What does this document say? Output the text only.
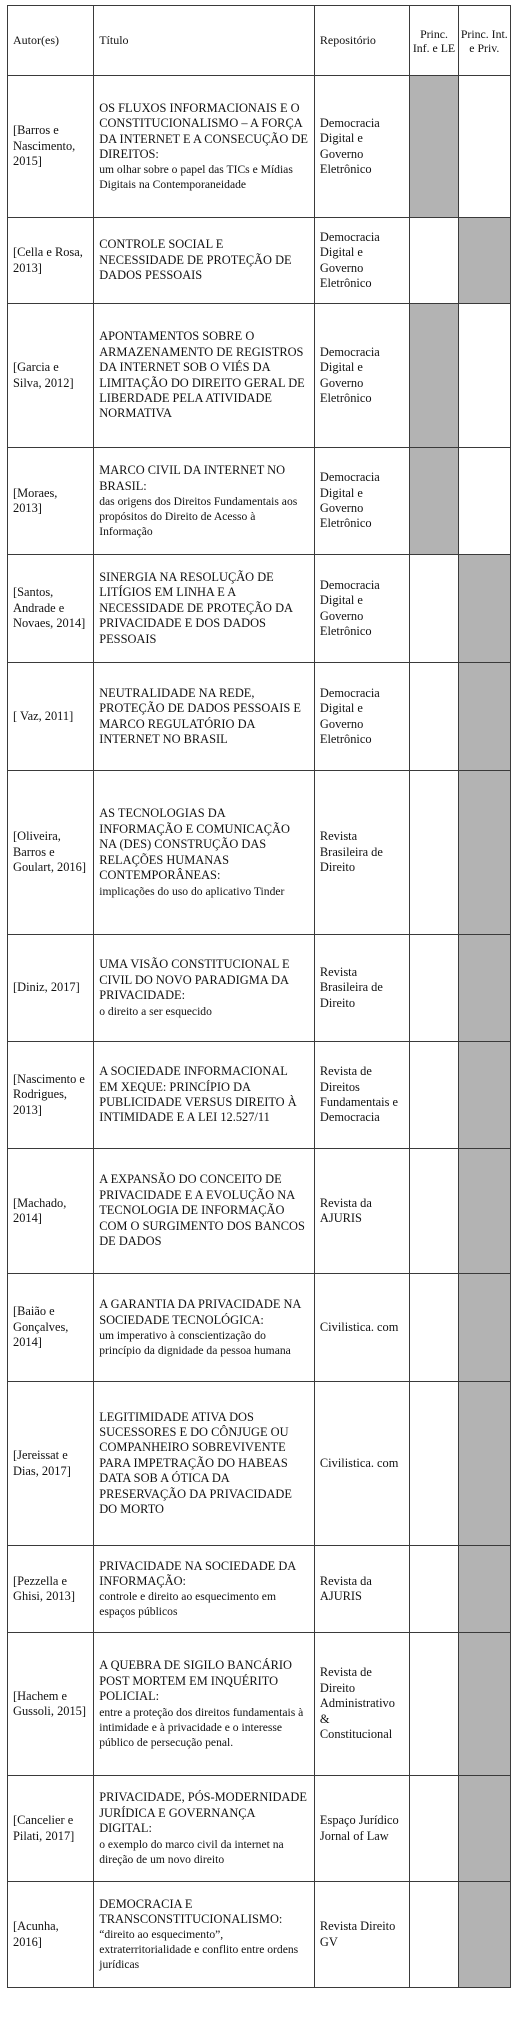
Autor(es)	Título	Repositório	Princ. Inf. e LE	Princ. Int. e Priv.
[Barros e Nascimento, 2015]	OS FLUXOS INFORMACIONAIS E O CONSTITUCIONALISMO – A FORÇA DA INTERNET E A CONSECUÇÃO DE DIREITOS:
um olhar sobre o papel das TICs e Mídias Digitais na Contemporaneidade	Democracia Digital e Governo Eletrônico		
[Cella e Rosa, 2013]	CONTROLE SOCIAL E NECESSIDADE DE PROTEÇÃO DE DADOS PESSOAIS	Democracia Digital e Governo Eletrônico		
[Garcia e Silva, 2012]	APONTAMENTOS SOBRE O ARMAZENAMENTO DE REGISTROS DA INTERNET SOB O VIÉS DA LIMITAÇÃO DO DIREITO GERAL DE LIBERDADE PELA ATIVIDADE NORMATIVA	Democracia Digital e Governo Eletrônico		
[Moraes, 2013]	MARCO CIVIL DA INTERNET NO BRASIL:
das origens dos Direitos Fundamentais aos propósitos do Direito de Acesso à Informação	Democracia Digital e Governo Eletrônico		
[Santos, Andrade e Novaes, 2014]	SINERGIA NA RESOLUÇÃO DE LITÍGIOS EM LINHA E A NECESSIDADE DE PROTEÇÃO DA PRIVACIDADE E DOS DADOS PESSOAIS	Democracia Digital e Governo Eletrônico		
[ Vaz, 2011]	NEUTRALIDADE NA REDE, PROTEÇÃO DE DADOS PESSOAIS E MARCO REGULATÓRIO DA INTERNET NO BRASIL	Democracia Digital e Governo Eletrônico		
[Oliveira, Barros e Goulart, 2016]	AS TECNOLOGIAS DA INFORMAÇÃO E COMUNICAÇÃO NA (DES) CONSTRUÇÃO DAS RELAÇÕES HUMANAS CONTEMPORÂNEAS:
implicações do uso do aplicativo Tinder	Revista Brasileira de Direito		
[Diniz, 2017]	UMA VISÃO CONSTITUCIONAL E CIVIL DO NOVO PARADIGMA DA PRIVACIDADE:
o direito a ser esquecido	Revista Brasileira de Direito		
[Nascimento e Rodrigues, 2013]	A SOCIEDADE INFORMACIONAL EM XEQUE: PRINCÍPIO DA PUBLICIDADE VERSUS DIREITO À INTIMIDADE E A LEI 12.527/11	Revista de Direitos Fundamentais e Democracia		
[Machado, 2014]	A EXPANSÃO DO CONCEITO DE PRIVACIDADE E A EVOLUÇÃO NA TECNOLOGIA DE INFORMAÇÃO COM O SURGIMENTO DOS BANCOS DE DADOS	Revista da AJURIS		
[Baião e Gonçalves, 2014]	A GARANTIA DA PRIVACIDADE NA SOCIEDADE TECNOLÓGICA:
um imperativo à conscientização do princípio da dignidade da pessoa humana	Civilistica. com		
[Jereissat e Dias, 2017]	LEGITIMIDADE ATIVA DOS SUCESSORES E DO CÔNJUGE OU COMPANHEIRO SOBREVIVENTE PARA IMPETRAÇÃO DO HABEAS DATA SOB A ÓTICA DA PRESERVAÇÃO DA PRIVACIDADE DO MORTO	Civilistica. com		
[Pezzella e Ghisi, 2013]	PRIVACIDADE NA SOCIEDADE DA INFORMAÇÃO:
controle e direito ao esquecimento em espaços públicos	Revista da AJURIS		
[Hachem e Gussoli, 2015]	A QUEBRA DE SIGILO BANCÁRIO POST MORTEM EM INQUÉRITO POLICIAL:
entre a proteção dos direitos fundamentais à intimidade e à privacidade e o interesse público de persecução penal.	Revista de Direito Administrativo & Constitucional		
[Cancelier e Pilati, 2017]	PRIVACIDADE, PÓS-MODERNIDADE JURÍDICA E GOVERNANÇA DIGITAL:
o exemplo do marco civil da internet na direção de um novo direito	Espaço Jurídico Jornal of Law		
[Acunha, 2016]	DEMOCRACIA E TRANSCONSTITUCIONALISMO:
“direito ao esquecimento”, extraterritorialidade e conflito entre ordens jurídicas	Revista Direito GV		
